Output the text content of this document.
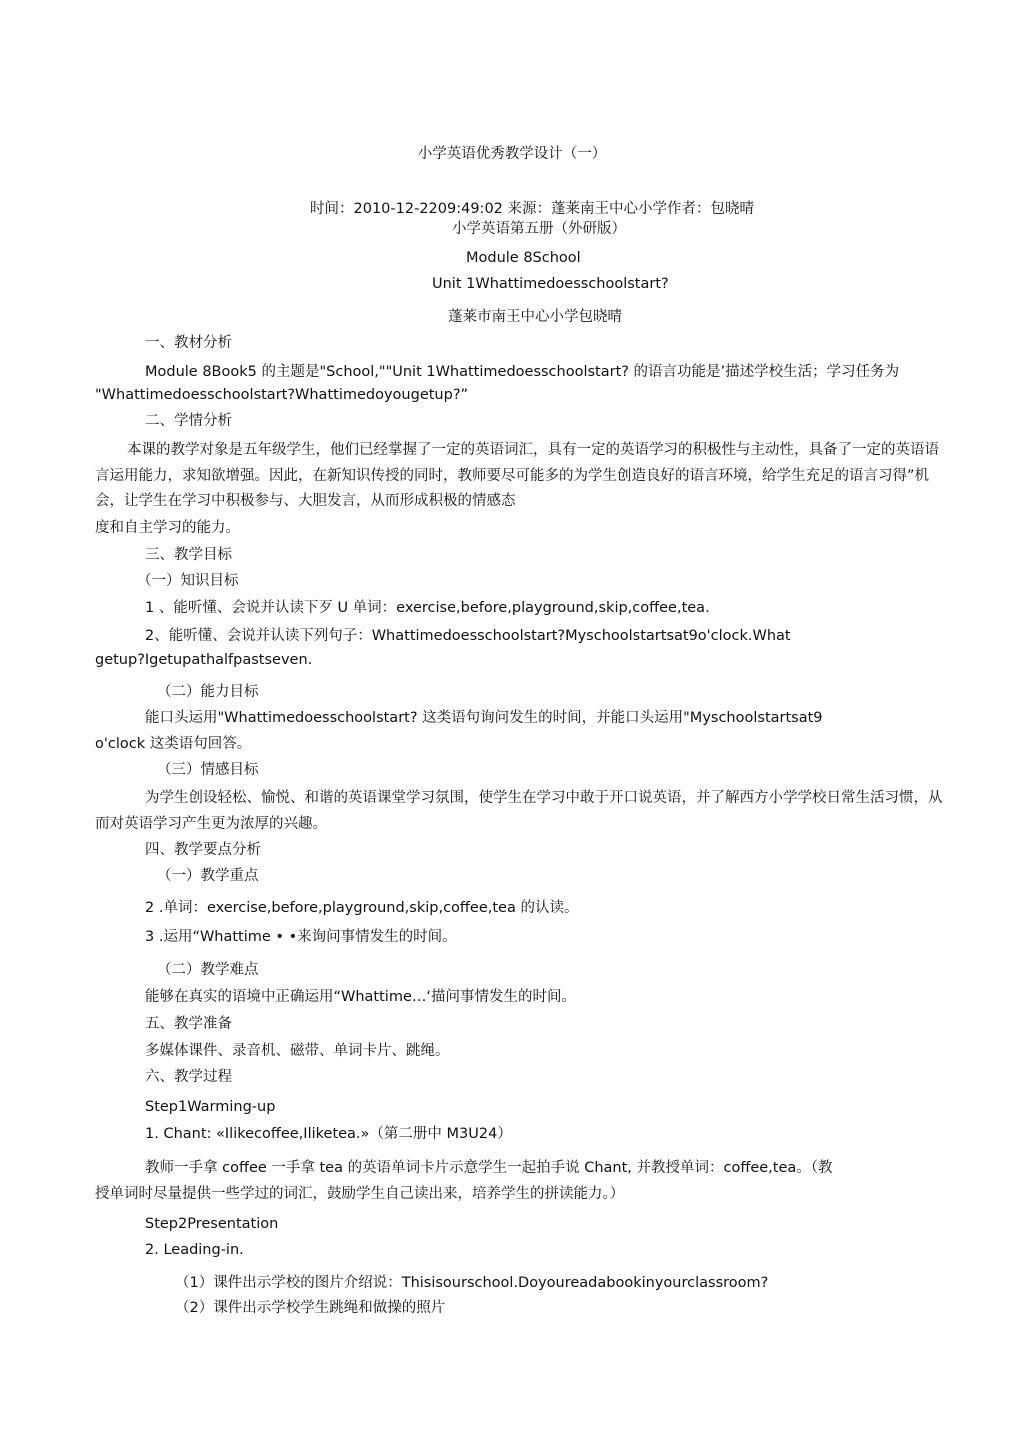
小学英语优秀教学设计（一）
时间：2010-12-2209:49:02 来源：蓬莱南王中心小学作者：包晓晴
小学英语第五册（外研版）
Module 8School
Unit 1Whattimedoesschoolstart?
蓬莱市南王中心小学包晓晴
一、教材分析
Module 8Book5 的主题是"School,""Unit 1Whattimedoesschoolstart? 的语言功能是’描述学校生活；学习任务为
"Whattimedoesschoolstart?Whattimedoyougetup?”
二、学情分析
本课的教学对象是五年级学生，他们已经掌握了一定的英语词汇，具有一定的英语学习的积极性与主动性，具备了一定的英语语
言运用能力，求知欲增强。因此，在新知识传授的同时，教师要尽可能多的为学生创造良好的语言环境，给学生充足的语言习得”机
会，让学生在学习中积极参与、大胆发言，从而形成积极的情感态
度和自主学习的能力。
三、教学目标
（一）知识目标
1 、能听懂、会说并认读下歹 U 单词：exercise,before,playground,skip,coffee,tea.
2、能听懂、会说并认读下列句子：Whattimedoesschoolstart?Myschoolstartsat9o'clock.What
getup?Igetupathalfpastseven.
（二）能力目标
能口头运用"Whattimedoesschoolstart? 这类语句询问发生的时间，并能口头运用"Myschoolstartsat9
o'clock 这类语句回答。
（三）情感目标
为学生创设轻松、愉悦、和谐的英语课堂学习氛围，使学生在学习中敢于开口说英语，并了解西方小学学校日常生活习惯，从
而对英语学习产生更为浓厚的兴趣。
四、教学要点分析
（一）教学重点
2 .单词：exercise,before,playground,skip,coffee,tea 的认读。
3 .运用“Whattime • •来询问事情发生的时间。
（二）教学难点
能够在真实的语境中正确运用“Whattime…‘描问事情发生的时间。
五、教学准备
多媒体课件、录音机、磁带、单词卡片、跳绳。
六、教学过程
Step1Warming-up
1. Chant: «Ilikecoffee,Iliketea.»（第二册中 M3U24）
教师一手拿 coffee 一手拿 tea 的英语单词卡片示意学生一起拍手说 Chant, 并教授单词：coffee,tea。（教
授单词时尽量提供一些学过的词汇，鼓励学生自己读出来，培养学生的拼读能力。）
Step2Presentation
2. Leading-in.
（1）课件出示学校的图片介绍说：Thisisourschool.Doyoureadabookinyourclassroom?
（2）课件出示学校学生跳绳和做操的照片
